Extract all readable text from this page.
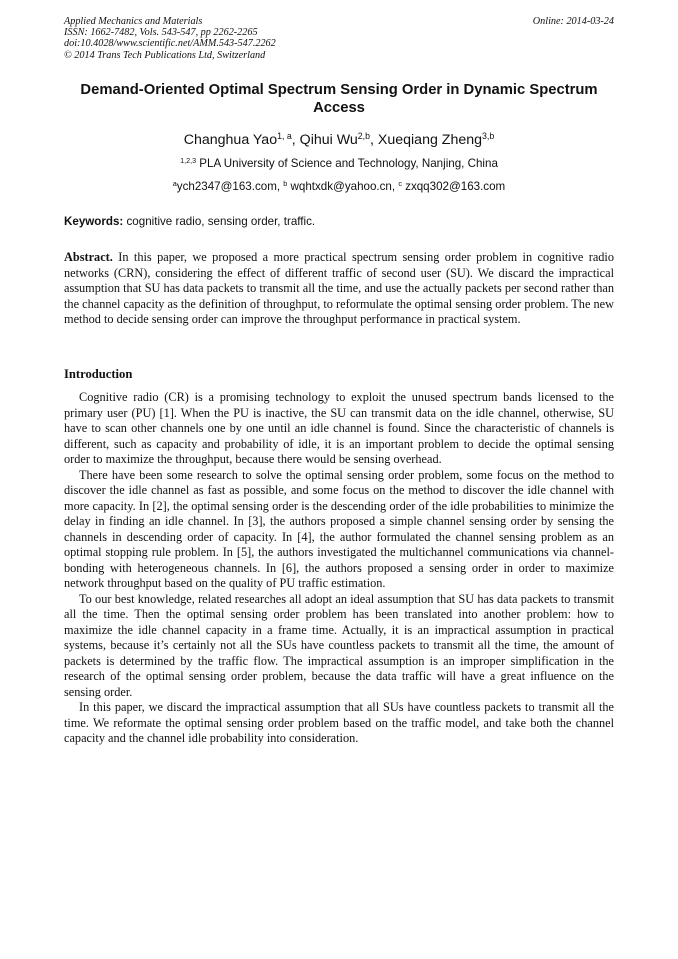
Applied Mechanics and Materials
ISSN: 1662-7482, Vols. 543-547, pp 2262-2265
doi:10.4028/www.scientific.net/AMM.543-547.2262
© 2014 Trans Tech Publications Ltd, Switzerland
Online: 2014-03-24
Demand-Oriented Optimal Spectrum Sensing Order in Dynamic Spectrum Access
Changhua Yao$^{1, a}$, Qihui Wu$^{2,b}$, Xueqiang Zheng$^{3,b}$
$^{1,2,3}$ PLA University of Science and Technology, Nanjing, China
$^a$ych2347@163.com, $^b$ wqhtxdk@yahoo.cn, $^c$ zxqq302@163.com
Keywords: cognitive radio, sensing order, traffic.
Abstract. In this paper, we proposed a more practical spectrum sensing order problem in cognitive radio networks (CRN), considering the effect of different traffic of second user (SU). We discard the impractical assumption that SU has data packets to transmit all the time, and use the actually packets per second rather than the channel capacity as the definition of throughput, to reformulate the optimal sensing order problem. The new method to decide sensing order can improve the throughput performance in practical system.
Introduction

Cognitive radio (CR) is a promising technology to exploit the unused spectrum bands licensed to the primary user (PU) [1]. When the PU is inactive, the SU can transmit data on the idle channel, otherwise, SU have to scan other channels one by one until an idle channel is found. Since the characteristic of channels is different, such as capacity and probability of idle, it is an important problem to decide the optimal sensing order to maximize the throughput, because there would be sensing overhead.

There have been some research to solve the optimal sensing order problem, some focus on the method to discover the idle channel as fast as possible, and some focus on the method to discover the idle channel with more capacity. In [2], the optimal sensing order is the descending order of the idle probabilities to minimize the delay in finding an idle channel. In [3], the authors proposed a simple channel sensing order by sensing the channels in descending order of capacity. In [4], the author formulated the channel sensing problem as an optimal stopping rule problem. In [5], the authors investigated the multichannel communications via channel-bonding with heterogeneous channels. In [6], the authors proposed a sensing order in order to maximize network throughput based on the quality of PU traffic estimation.

To our best knowledge, related researches all adopt an ideal assumption that SU has data packets to transmit all the time. Then the optimal sensing order problem has been translated into another problem: how to maximize the idle channel capacity in a frame time. Actually, it is an impractical assumption in practical systems, because it’s certainly not all the SUs have countless packets to transmit all the time, the amount of packets is determined by the traffic flow. The impractical assumption is an improper simplification in the research of the optimal sensing order problem, because the data traffic will have a great influence on the sensing order.

In this paper, we discard the impractical assumption that all SUs have countless packets to transmit all the time. We reformate the optimal sensing order problem based on the traffic model, and take both the channel capacity and the channel idle probability into consideration.
